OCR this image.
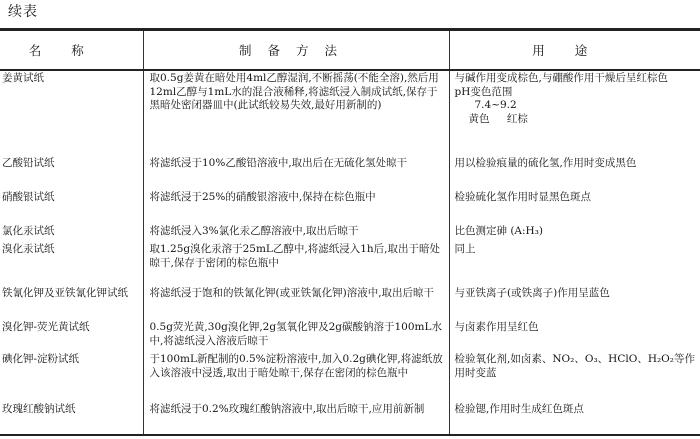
续表
名称	制备方法	用途
姜黄试纸	取0.5g姜黄在暗处用4ml乙醇湿润,不断摇荡(不能全溶),然后用12ml乙醇与1mL水的混合液稀释,将滤纸浸入制成试纸,保存于黑暗处密闭器皿中(此试纸较易失效,最好用新制的)	与碱作用变成棕色,与硼酸作用干燥后呈红棕色
pH变色范围
7.4~9.2
黄色 红棕

乙酸铅试纸	将滤纸浸于10%乙酸铅溶液中,取出后在无硫化氢处晾干	用以检验痕量的硫化氢,作用时变成黑色
硝酸银试纸	将滤纸浸于25%的硝酸银溶液中,保持在棕色瓶中	检验硫化氢作用时显黑色斑点
氯化汞试纸	将滤纸浸入3%氯化汞乙醇溶液中,取出后晾干	比色测定砷 (A:H₃)
溴化汞试纸	取1.25g溴化汞溶于25mL乙醇中,将滤纸浸入1h后,取出于暗处晾干,保存于密闭的棕色瓶中	同上
铁氰化钾及亚铁氰化钾试纸	将滤纸浸于饱和的铁氰化钾(或亚铁氰化钾)溶液中,取出后晾干	与亚铁离子(或铁离子)作用呈蓝色
溴化钾-荧光黄试纸	0.5g荧光黄,30g溴化钾,2g氢氧化钾及2g碳酸钠溶于100mL水中,将滤纸浸入溶液后晾干	与卤素作用呈红色
碘化钾-淀粉试纸	于100mL新配制的0.5%淀粉溶液中,加入0.2g碘化钾,将滤纸放入该溶液中浸透,取出于暗处晾干,保存在密闭的棕色瓶中	检验氧化剂,如卤素、NO₂、O₃、HClO、H₂O₂等作用时变蓝
玫瑰红酸钠试纸	将滤纸浸于0.2%玫瑰红酸钠溶液中,取出后晾干,应用前新制	检验锶,作用时生成红色斑点
